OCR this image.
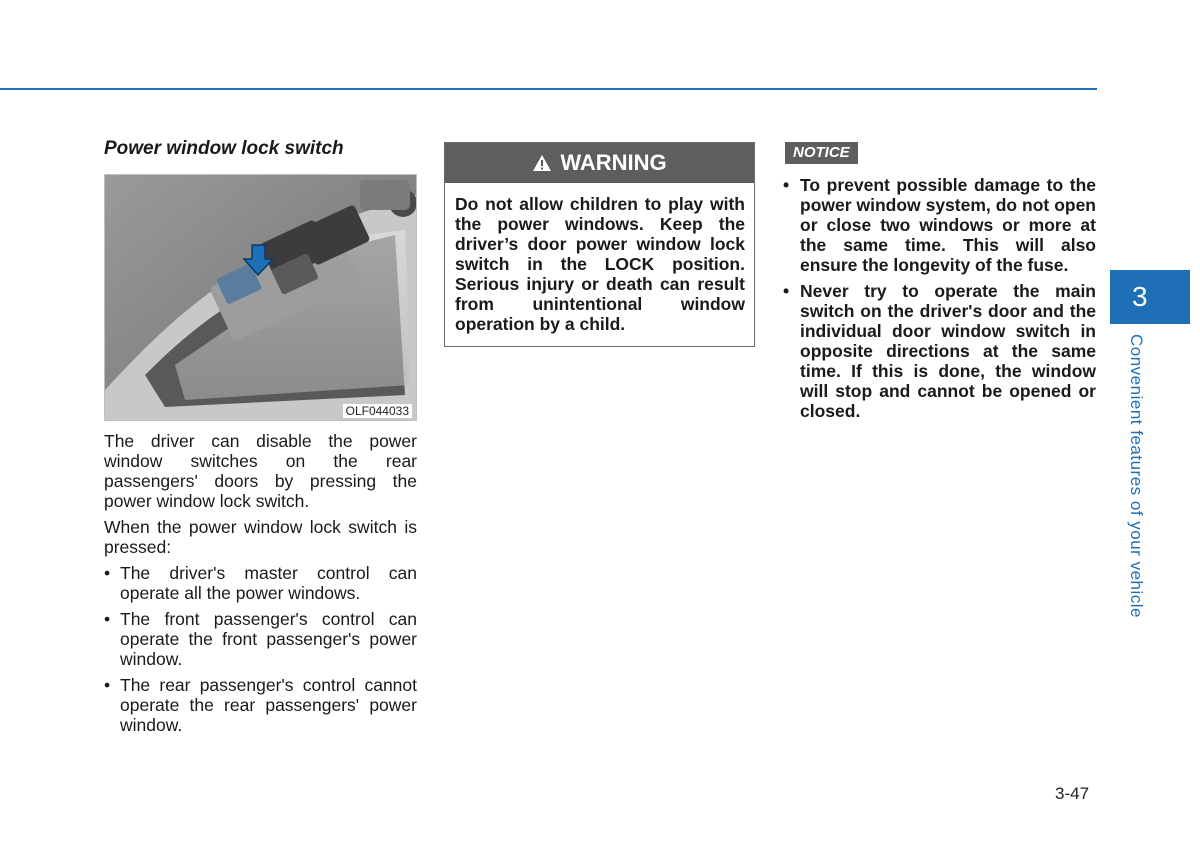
Power window lock switch
OLF044033

The driver can disable the power window switches on the rear passengers' doors by pressing the power window lock switch.

When the power window lock switch is pressed:

• The driver's master control can operate all the power windows.
• The front passenger's control can operate the front passenger's power window.
• The rear passenger's control cannot operate the rear passengers' power window.
WARNING
Do not allow children to play with the power windows. Keep the driver’s door power window lock switch in the LOCK position. Serious injury or death can result from unintentional window operation by a child.
NOTICE
• To prevent possible damage to the power window system, do not open or close two windows or more at the same time. This will also ensure the longevity of the fuse.
• Never try to operate the main switch on the driver's door and the individual door window switch in opposite directions at the same time. If this is done, the window will stop and cannot be opened or closed.
3
Convenient features of your vehicle
3-47
